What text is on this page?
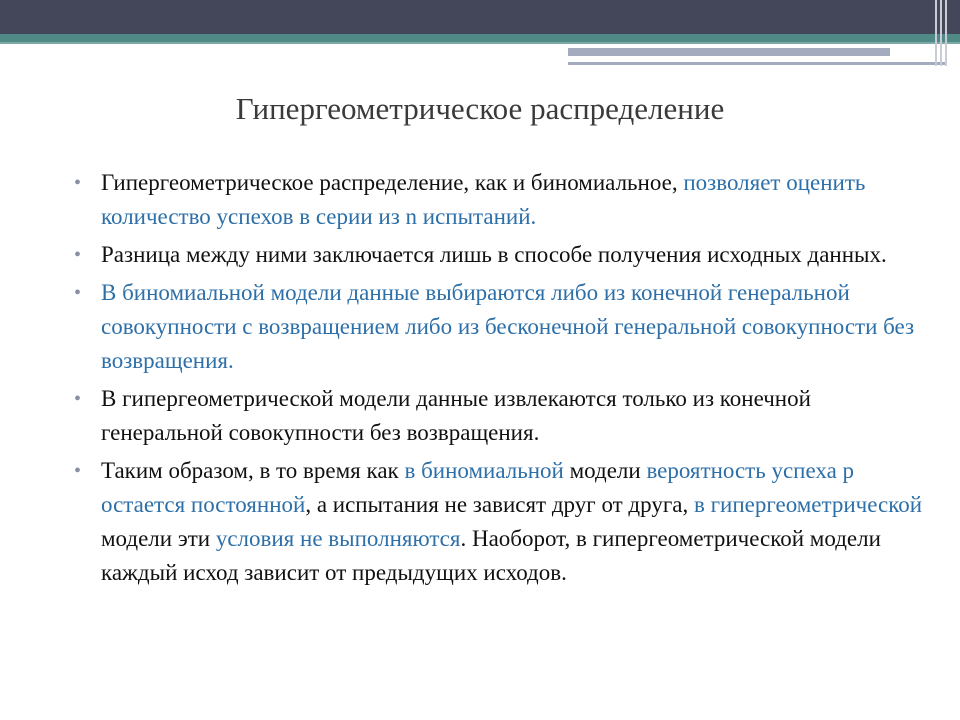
Гипергеометрическое распределение
• Гипергеометрическое распределение, как и биномиальное, позволяет оценить количество успехов в серии из n испытаний.
• Разница между ними заключается лишь в способе получения исходных данных.
• В биномиальной модели данные выбираются либо из конечной генеральной совокупности с возвращением либо из бесконечной генеральной совокупности без возвращения.
• В гипергеометрической модели данные извлекаются только из конечной генеральной совокупности без возвращения.
• Таким образом, в то время как в биномиальной модели вероятность успеха p остается постоянной, а испытания не зависят друг от друга, в гипергеометрической модели эти условия не выполняются. Наоборот, в гипергеометрической модели каждый исход зависит от предыдущих исходов.
